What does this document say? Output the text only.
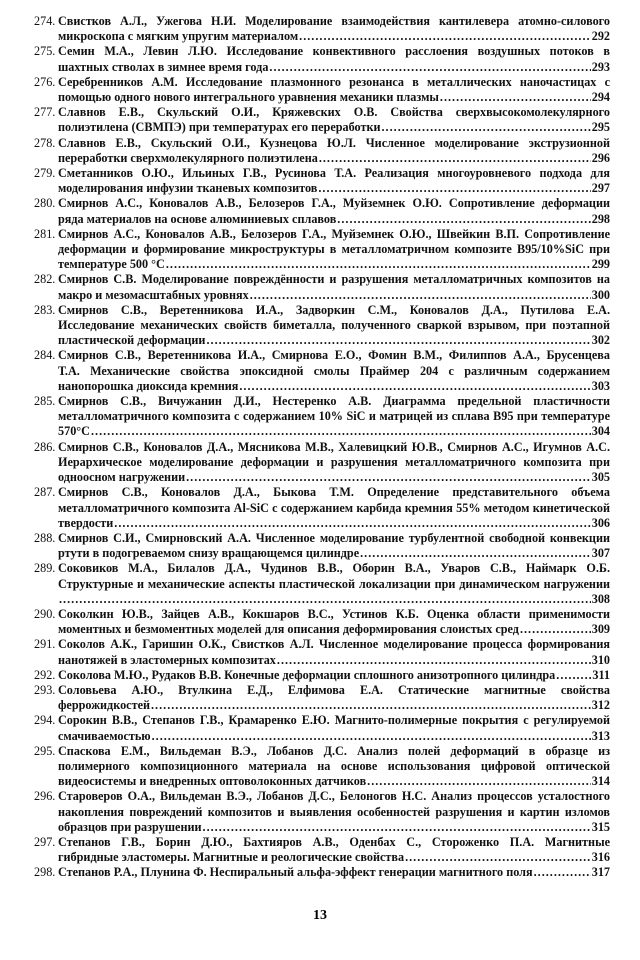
274. Свистков А.Л., Ужегова Н.И. Моделирование взаимодействия кантилевера атомно-силового
микроскопа с мягким упругим материалом .....	292
275. Семин М.А., Левин Л.Ю. Исследование конвективного расслоения воздушных потоков в
шахтных стволах в зимнее время года .....	293
276. Серебренников А.М. Исследование плазмонного резонанса в металлических наночастицах с
помощью одного нового интегрального уравнения механики плазмы .....	294
277. Славнов Е.В., Скульский О.И., Кряжевских О.В. Свойства сверхвысокомолекулярного
полиэтилена (СВМПЭ) при температурах его переработки .....	295
278. Славнов Е.В., Скульский О.И., Кузнецова Ю.Л. Численное моделирование экструзионной
переработки сверхмолекулярного полиэтилена .....	296
279. Сметанников О.Ю., Ильиных Г.В., Русинова Т.А. Реализация многоуровневого подхода для
моделирования инфузии тканевых композитов .....	297
280. Смирнов А.С., Коновалов А.В., Белозеров Г.А., Муйземнек О.Ю. Сопротивление деформации
ряда материалов на основе алюминиевых сплавов .....	298
281. Смирнов А.С., Коновалов А.В., Белозеров Г.А., Муйземнек О.Ю., Швейкин В.П. Сопротивление
деформации и формирование микроструктуры в металломатричном композите В95/10%SiC при
температуре 500 °С .....	299
282. Смирнов С.В. Моделирование повреждённости и разрушения металломатричных композитов на
макро и мезомасштабных уровнях .....	300
283. Смирнов С.В., Веретенникова И.А., Задворкин С.М., Коновалов Д.А., Путилова Е.А.
Исследование механических свойств биметалла, полученного сваркой взрывом, при поэтапной
пластической деформации .....	302
284. Смирнов С.В., Веретенникова И.А., Смирнова Е.О., Фомин В.М., Филиппов А.А., Брусенцева
Т.А. Механические свойства эпоксидной смолы Праймер 204 с различным содержанием
нанопорошка диоксида кремния .....	303
285. Смирнов С.В., Вичужанин Д.И., Нестеренко А.В. Диаграмма предельной пластичности
металломатричного композита с содержанием 10% SiC и матрицей из сплава В95 при температуре
570°С .....	304
286. Смирнов С.В., Коновалов Д.А., Мясникова М.В., Халевицкий Ю.В., Смирнов А.С., Игумнов А.С.
Иерархическое моделирование деформации и разрушения металломатричного композита при
одноосном нагружении .....	305
287. Смирнов С.В., Коновалов Д.А., Быкова Т.М. Определение представительного объема
металломатричного композита Al-SiC с содержанием карбида кремния 55% методом кинетической
твердости .....	306
288. Смирнов С.И., Смирновский А.А. Численное моделирование турбулентной свободной конвекции
ртути в подогреваемом снизу вращающемся цилиндре .....	307
289. Соковиков М.А., Билалов Д.А., Чудинов В.В., Оборин В.А., Уваров С.В., Наймарк О.Б.
Структурные и механические аспекты пластической локализации при динамическом нагружении
.....
308
290. Соколкин Ю.В., Зайцев А.В., Кокшаров В.С., Устинов К.Б. Оценка области применимости
моментных и безмоментных моделей для описания деформирования слоистых сред .....	309
291. Соколов А.К., Гаришин О.К., Свистков А.Л. Численное моделирование процесса формирования
нанотяжей в эластомерных композитах .....	310
292. Соколова М.Ю., Рудаков В.В. Конечные деформации сплошного анизотропного цилиндра .....	311
293. Соловьева А.Ю., Втулкина Е.Д., Елфимова Е.А. Статические магнитные свойства
феррожидкостей .....	312
294. Сорокин В.В., Степанов Г.В., Крамаренко Е.Ю. Магнито-полимерные покрытия с регулируемой
смачиваемостью .....	313
295. Спаскова Е.М., Вильдеман В.Э., Лобанов Д.С. Анализ полей деформаций в образце из
полимерного композиционного материала на основе использования цифровой оптической
видеосистемы и внедренных оптоволоконных датчиков .....	314
296. Староверов О.А., Вильдеман В.Э., Лобанов Д.С., Белоногов Н.С. Анализ процессов усталостного
накопления повреждений композитов и выявления особенностей разрушения и картин изломов
образцов при разрушении .....	315
297. Степанов Г.В., Борин Д.Ю., Бахтияров А.В., Оденбах С., Стороженко П.А. Магнитные
гибридные эластомеры. Магнитные и реологические свойства .....	316
298. Степанов Р.А., Плунина Ф. Неспиральный альфа-эффект генерации магнитного поля .....	317
13
